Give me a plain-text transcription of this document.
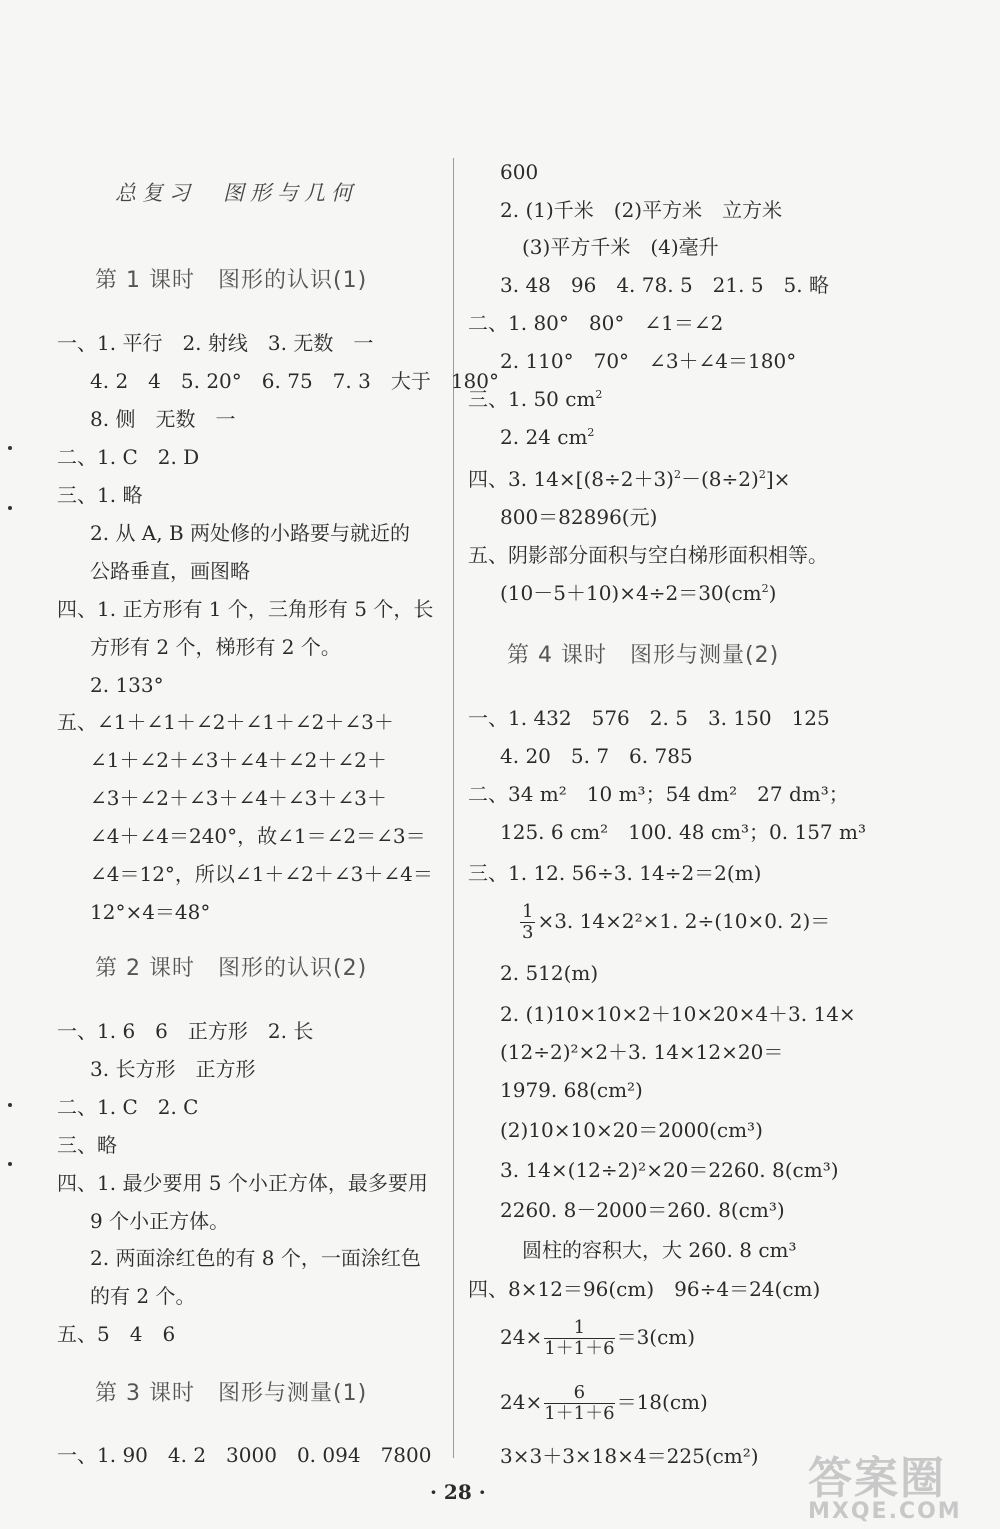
总复习　图形与几何
第 1 课时　图形的认识(1)
一、1. 平行　2. 射线　3. 无数　一
4. 2　4　5. 20°　6. 75　7. 3　大于　180°
8. 侧　无数　一
二、1. C　2. D
三、1. 略
2. 从 A, B 两处修的小路要与就近的
公路垂直，画图略
四、1. 正方形有 1 个，三角形有 5 个，长
方形有 2 个，梯形有 2 个。
2. 133°
五、∠1＋∠1＋∠2＋∠1＋∠2＋∠3＋
∠1＋∠2＋∠3＋∠4＋∠2＋∠2＋
∠3＋∠2＋∠3＋∠4＋∠3＋∠3＋
∠4＋∠4＝240°，故∠1＝∠2＝∠3＝
∠4＝12°，所以∠1＋∠2＋∠3＋∠4＝
12°×4＝48°
第 2 课时　图形的认识(2)
一、1. 6　6　正方形　2. 长
3. 长方形　正方形
二、1. C　2. C
三、略
四、1. 最少要用 5 个小正方体，最多要用
9 个小正方体。
2. 两面涂红色的有 8 个，一面涂红色
的有 2 个。
五、5　4　6
第 3 课时　图形与测量(1)
一、1. 90　4. 2　3000　0. 094　7800
600
2. (1)千米　(2)平方米　立方米
(3)平方千米　(4)毫升
3. 48　96　4. 78. 5　21. 5　5. 略
二、1. 80°　80°　∠1＝∠2
2. 110°　70°　∠3＋∠4＝180°
三、1. 50 $cm^2$
2. 24 $cm^2$
四、3. $14\times[(8\div 2+3)^2-(8\div 2)^2]\times$
800＝82896(元)
五、阴影部分面积与空白梯形面积相等。
$(10-5+10)\times 4\div 2=30(cm^2)$
第 4 课时　图形与测量(2)
一、1. 432　576　2. 5　3. 150　125
4. 20　5. 7　6. 785
二、34 m²　10 m³；54 dm²　27 dm³；
125. 6 cm²　100. 48 cm³；0. 157 m³
三、1. 12. 56÷3. 14÷2＝2(m)
$\frac{1}{3} \times 3$. 14×2²×1. 2÷(10×0. 2)＝
2. 512(m)
2. (1)10×10×2＋10×20×4＋3. 14×
(12÷2)²×2＋3. 14×12×20＝
1979. 68(cm²)
(2)10×10×20＝2000(cm³)
3. 14×(12÷2)²×20＝2260. 8(cm³)
2260. 8－2000＝260. 8(cm³)
圆柱的容积大，大 260. 8 cm³
四、8×12＝96(cm)　96÷4＝24(cm)
$24\times \frac{1}{1+1+6} =3(cm)$
$24\times \frac{6}{1+1+6} =18(cm)$
3×3＋3×18×4＝225(cm²)
· 28 ·	答案圈
MXQE.COM
